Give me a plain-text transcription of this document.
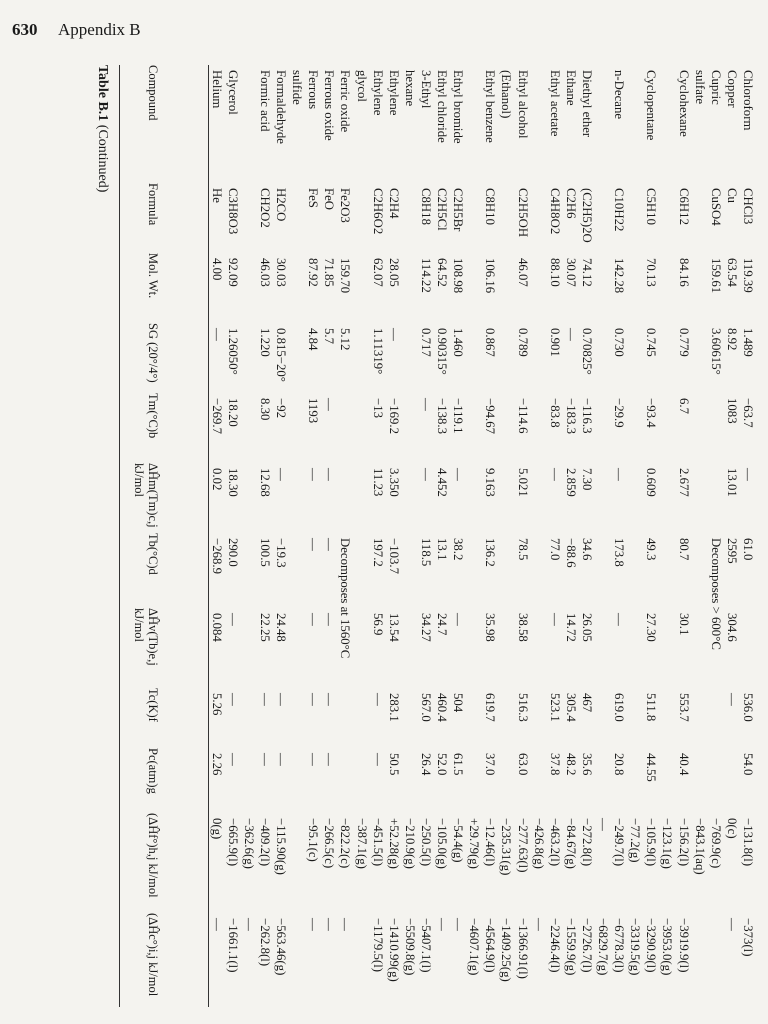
630 Appendix B
Table B.1 (Continued)
Chloroform
CHCl3
119.39
1.489
−63.7
—
61.0
536.0
54.0
−131.8(l)
−373(l)
Copper
Cu
63.54
8.92
1083
13.01
2595
304.6
—
0(c)
—
Cupric
CuSO4
159.61
3.60615°
Decomposes > 600°C
−769.9(c)
sulfate
−843.1(aq)
Cyclohexane
C6H12
84.16
0.779
6.7
2.677
80.7
30.1
553.7
40.4
−156.2(l)
−3919.9(l)
−123.1(g)
−3953.0(g)
Cyclopentane
C5H10
70.13
0.745
−93.4
0.609
49.3
27.30
511.8
44.55
−105.9(l)
−3290.9(l)
−77.2(g)
−3319.5(g)
n-Decane
C10H22
142.28
0.730
−29.9
—
173.8
—
619.0
20.8
−249.7(l)
−6778.3(l)
—
−6829.7(g)
Diethyl ether
(C2H5)2O
74.12
0.70825°
−116.3
7.30
34.6
26.05
467
35.6
−272.8(l)
−2726.7(l)
Ethane
C2H6
30.07
—
−183.3
2.859
−88.6
14.72
305.4
48.2
−84.67(g)
−1559.9(g)
Ethyl acetate
C4H8O2
88.10
0.901
−83.8
—
77.0
—
523.1
37.8
−463.2(l)
−2246.4(l)
−426.8(g)
—
Ethyl alcohol
C2H5OH
46.07
0.789
−114.6
5.021
78.5
38.58
516.3
63.0
−277.63(l)
−1366.91(l)
(Ethanol)
−235.31(g)
−1409.25(g)
Ethyl benzene
C8H10
106.16
0.867
−94.67
9.163
136.2
35.98
619.7
37.0
−12.46(l)
−4564.9(l)
+29.79(g)
−4607.1(g)
Ethyl bromide
C2H5Br
108.98
1.460
−119.1
—
38.2
—
504
61.5
−54.4(g)
—
Ethyl chloride
C2H5Cl
64.52
0.90315°
−138.3
4.452
13.1
24.7
460.4
52.0
−105.0(g)
—
3-Ethyl
C8H18
114.22
0.717
—
—
118.5
34.27
567.0
26.4
−250.5(l)
−5407.1(l)
hexane
−210.9(g)
−5509.8(g)
Ethylene
C2H4
28.05
—
−169.2
3.350
−103.7
13.54
283.1
50.5
+52.28(g)
−1410.99(g)
Ethylene
C2H6O2
62.07
1.11319°
−13
11.23
197.2
56.9
—
—
−451.5(l)
−1179.5(l)
glycol
−387.1(g)
Ferric oxide
Fe2O3
159.70
5.12
Decomposes at 1560°C
−822.2(c)
—
Ferrous oxide
FeO
71.85
5.7
—
—
—
—
—
—
−266.5(c)
—
Ferrous
FeS
87.92
4.84
1193
—
—
—
—
—
−95.1(c)
—
sulfide
Formaldehyde
H2CO
30.03
0.815−20°
−92
—
−19.3
24.48
—
—
−115.90(g)
−563.46(g)
Formic acid
CH2O2
46.03
1.220
8.30
12.68
100.5
22.25
—
—
−409.2(l)
−262.8(l)
−362.6(g)
—
Glycerol
C3H8O3
92.09
1.26050°
18.20
18.30
290.0
—
—
—
−665.9(l)
−1661.1(l)
Helium
He
4.00
—
−269.7
0.02
−268.9
0.084
5.26
2.26
0(g)
—
Compound
Formula
Mol. Wt.
SG (20°/4°)
Tm(°C)b
ΔĤm(Tm)c,j kJ/mol
Tb(°C)d
ΔĤv(Tb)e,j kJ/mol
Tc(K)f
Pc(atm)g
(ΔĤf°)h,j kJ/mol
(ΔĤc°)i,j kJ/mol
